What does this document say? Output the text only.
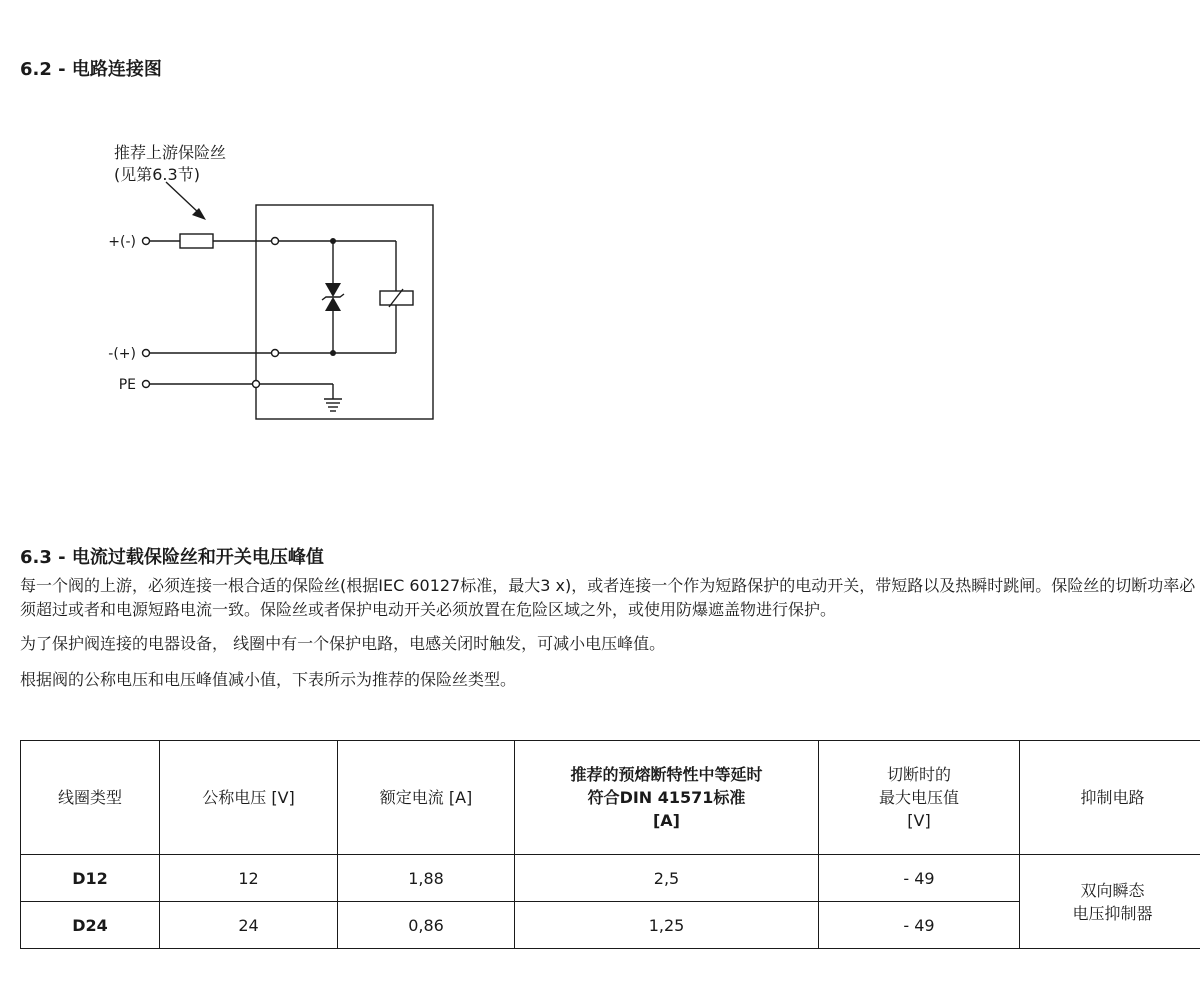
6.2 - 电路连接图
推荐上游保险丝
(见第6.3节)
+(-)
-(+)
PE
6.3 - 电流过载保险丝和开关电压峰值

每一个阀的上游，必须连接一根合适的保险丝(根据IEC 60127标准，最大3 x)，或者连接一个作为短路保护的电动开关，带短路以及热瞬时跳闸。保险丝的切断功率必须超过或者和电源短路电流一致。保险丝或者保护电动开关必须放置在危险区域之外，或使用防爆遮盖物进行保护。

为了保护阀连接的电器设备， 线圈中有一个保护电路，电感关闭时触发，可减小电压峰值。

根据阀的公称电压和电压峰值减小值，下表所示为推荐的保险丝类型。

线圈类型	公称电压 [V]	额定电流 [A]	推荐的预熔断特性中等延时
符合DIN 41571标准
[A]	切断时的
最大电压值
[V]	抑制电路
D12	12	1,88	2,5	- 49	双向瞬态
电压抑制器
D24	24	0,86	1,25	- 49	
